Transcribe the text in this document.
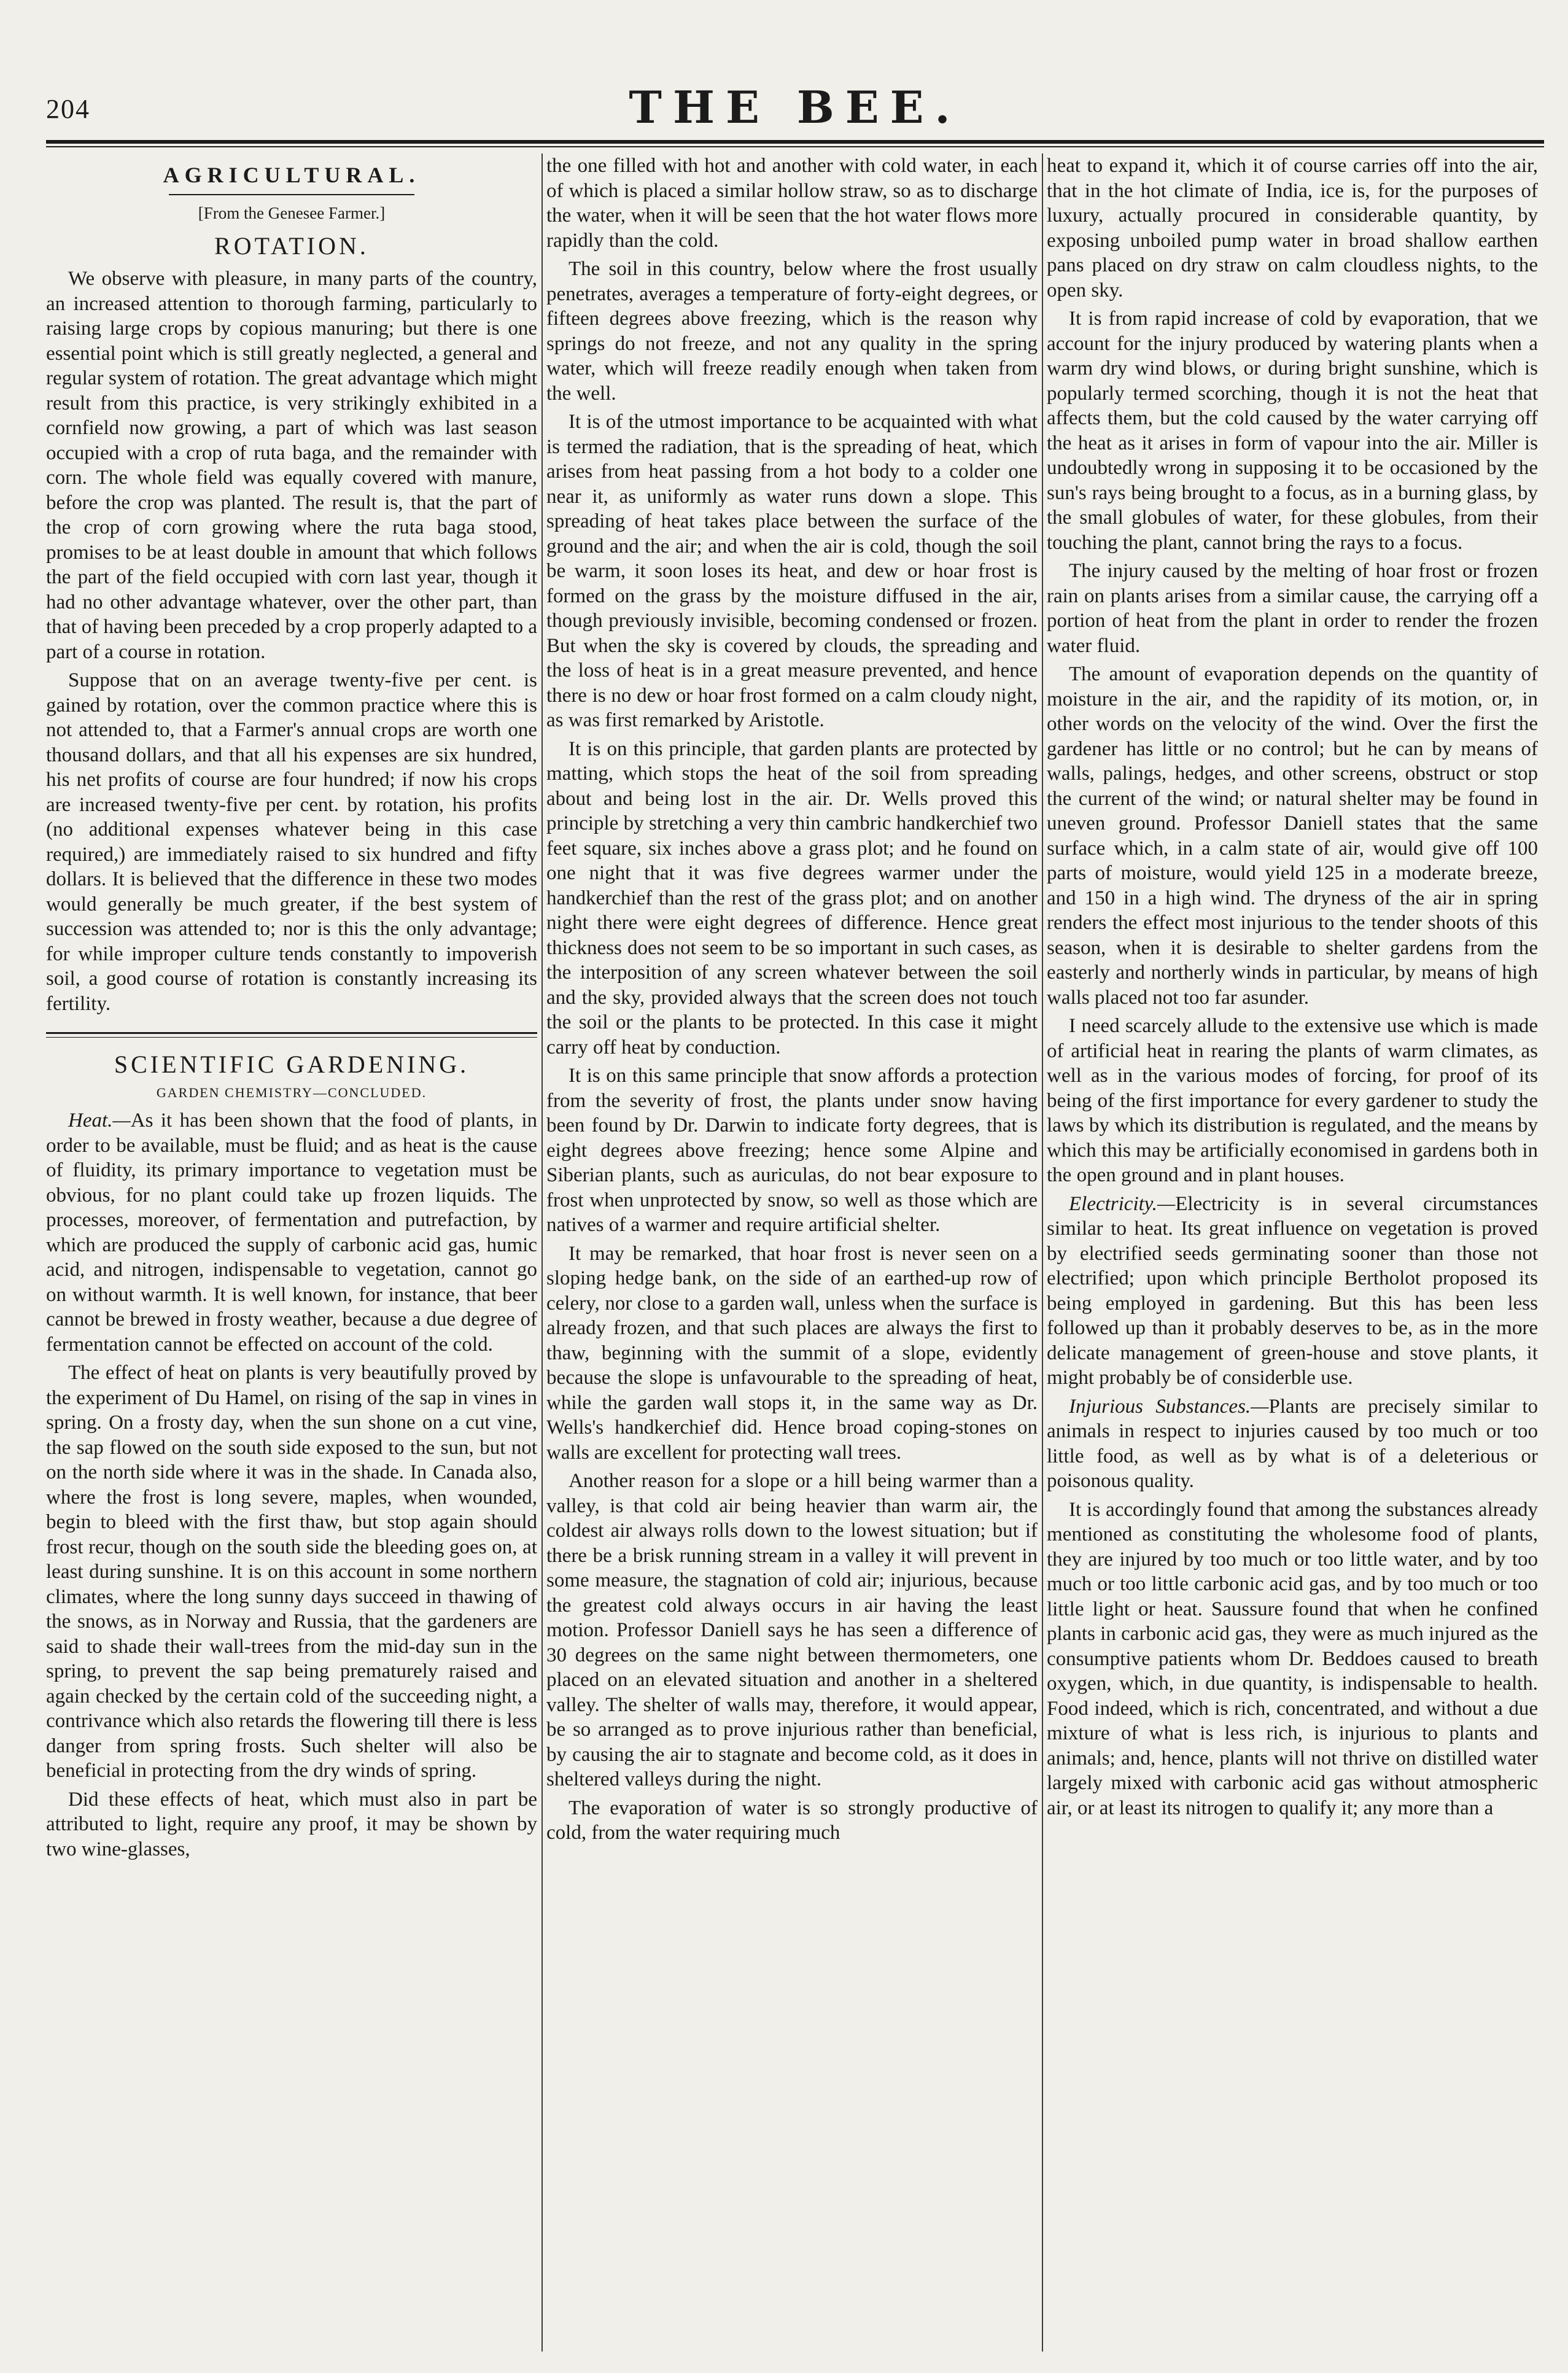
204	THE BEE.
AGRICULTURAL.
[From the Genesee Farmer.]
ROTATION.

We observe with pleasure, in many parts of the country, an increased attention to thorough farming, particularly to raising large crops by copious manuring; but there is one essential point which is still greatly neglected, a general and regular system of rotation. The great advantage which might result from this practice, is very strikingly exhibited in a cornfield now growing, a part of which was last season occupied with a crop of ruta baga, and the remainder with corn. The whole field was equally covered with manure, before the crop was planted. The result is, that the part of the crop of corn growing where the ruta baga stood, promises to be at least double in amount that which follows the part of the field occupied with corn last year, though it had no other advantage whatever, over the other part, than that of having been preceded by a crop properly adapted to a part of a course in rotation.

Suppose that on an average twenty-five per cent. is gained by rotation, over the common practice where this is not attended to, that a Farmer's annual crops are worth one thousand dollars, and that all his expenses are six hundred, his net profits of course are four hundred; if now his crops are increased twenty-five per cent. by rotation, his profits (no additional expenses whatever being in this case required,) are immediately raised to six hundred and fifty dollars. It is believed that the difference in these two modes would generally be much greater, if the best system of succession was attended to; nor is this the only advantage; for while improper culture tends constantly to impoverish soil, a good course of rotation is constantly increasing its fertility.

SCIENTIFIC GARDENING.
GARDEN CHEMISTRY—CONCLUDED.

Heat.—As it has been shown that the food of plants, in order to be available, must be fluid; and as heat is the cause of fluidity, its primary importance to vegetation must be obvious, for no plant could take up frozen liquids. The processes, moreover, of fermentation and putrefaction, by which are produced the supply of carbonic acid gas, humic acid, and nitrogen, indispensable to vegetation, cannot go on without warmth. It is well known, for instance, that beer cannot be brewed in frosty weather, because a due degree of fermentation cannot be effected on account of the cold.

The effect of heat on plants is very beautifully proved by the experiment of Du Hamel, on rising of the sap in vines in spring. On a frosty day, when the sun shone on a cut vine, the sap flowed on the south side exposed to the sun, but not on the north side where it was in the shade. In Canada also, where the frost is long severe, maples, when wounded, begin to bleed with the first thaw, but stop again should frost recur, though on the south side the bleeding goes on, at least during sunshine. It is on this account in some northern climates, where the long sunny days succeed in thawing of the snows, as in Norway and Russia, that the gardeners are said to shade their wall-trees from the mid-day sun in the spring, to prevent the sap being prematurely raised and again checked by the certain cold of the succeeding night, a contrivance which also retards the flowering till there is less danger from spring frosts. Such shelter will also be beneficial in protecting from the dry winds of spring.

Did these effects of heat, which must also in part be attributed to light, require any proof, it may be shown by two wine-glasses,

the one filled with hot and another with cold water, in each of which is placed a similar hollow straw, so as to discharge the water, when it will be seen that the hot water flows more rapidly than the cold.

The soil in this country, below where the frost usually penetrates, averages a temperature of forty-eight degrees, or fifteen degrees above freezing, which is the reason why springs do not freeze, and not any quality in the spring water, which will freeze readily enough when taken from the well.

It is of the utmost importance to be acquainted with what is termed the radiation, that is the spreading of heat, which arises from heat passing from a hot body to a colder one near it, as uniformly as water runs down a slope. This spreading of heat takes place between the surface of the ground and the air; and when the air is cold, though the soil be warm, it soon loses its heat, and dew or hoar frost is formed on the grass by the moisture diffused in the air, though previously invisible, becoming condensed or frozen. But when the sky is covered by clouds, the spreading and the loss of heat is in a great measure prevented, and hence there is no dew or hoar frost formed on a calm cloudy night, as was first remarked by Aristotle.

It is on this principle, that garden plants are protected by matting, which stops the heat of the soil from spreading about and being lost in the air. Dr. Wells proved this principle by stretching a very thin cambric handkerchief two feet square, six inches above a grass plot; and he found on one night that it was five degrees warmer under the handkerchief than the rest of the grass plot; and on another night there were eight degrees of difference. Hence great thickness does not seem to be so important in such cases, as the interposition of any screen whatever between the soil and the sky, provided always that the screen does not touch the soil or the plants to be protected. In this case it might carry off heat by conduction.

It is on this same principle that snow affords a protection from the severity of frost, the plants under snow having been found by Dr. Darwin to indicate forty degrees, that is eight degrees above freezing; hence some Alpine and Siberian plants, such as auriculas, do not bear exposure to frost when unprotected by snow, so well as those which are natives of a warmer and require artificial shelter.

It may be remarked, that hoar frost is never seen on a sloping hedge bank, on the side of an earthed-up row of celery, nor close to a garden wall, unless when the surface is already frozen, and that such places are always the first to thaw, beginning with the summit of a slope, evidently because the slope is unfavourable to the spreading of heat, while the garden wall stops it, in the same way as Dr. Wells's handkerchief did. Hence broad coping-stones on walls are excellent for protecting wall trees.

Another reason for a slope or a hill being warmer than a valley, is that cold air being heavier than warm air, the coldest air always rolls down to the lowest situation; but if there be a brisk running stream in a valley it will prevent in some measure, the stagnation of cold air; injurious, because the greatest cold always occurs in air having the least motion. Professor Daniell says he has seen a difference of 30 degrees on the same night between thermometers, one placed on an elevated situation and another in a sheltered valley. The shelter of walls may, therefore, it would appear, be so arranged as to prove injurious rather than beneficial, by causing the air to stagnate and become cold, as it does in sheltered valleys during the night.

The evaporation of water is so strongly productive of cold, from the water requiring much

heat to expand it, which it of course carries off into the air, that in the hot climate of India, ice is, for the purposes of luxury, actually procured in considerable quantity, by exposing unboiled pump water in broad shallow earthen pans placed on dry straw on calm cloudless nights, to the open sky.

It is from rapid increase of cold by evaporation, that we account for the injury produced by watering plants when a warm dry wind blows, or during bright sunshine, which is popularly termed scorching, though it is not the heat that affects them, but the cold caused by the water carrying off the heat as it arises in form of vapour into the air. Miller is undoubtedly wrong in supposing it to be occasioned by the sun's rays being brought to a focus, as in a burning glass, by the small globules of water, for these globules, from their touching the plant, cannot bring the rays to a focus.

The injury caused by the melting of hoar frost or frozen rain on plants arises from a similar cause, the carrying off a portion of heat from the plant in order to render the frozen water fluid.

The amount of evaporation depends on the quantity of moisture in the air, and the rapidity of its motion, or, in other words on the velocity of the wind. Over the first the gardener has little or no control; but he can by means of walls, palings, hedges, and other screens, obstruct or stop the current of the wind; or natural shelter may be found in uneven ground. Professor Daniell states that the same surface which, in a calm state of air, would give off 100 parts of moisture, would yield 125 in a moderate breeze, and 150 in a high wind. The dryness of the air in spring renders the effect most injurious to the tender shoots of this season, when it is desirable to shelter gardens from the easterly and northerly winds in particular, by means of high walls placed not too far asunder.

I need scarcely allude to the extensive use which is made of artificial heat in rearing the plants of warm climates, as well as in the various modes of forcing, for proof of its being of the first importance for every gardener to study the laws by which its distribution is regulated, and the means by which this may be artificially economised in gardens both in the open ground and in plant houses.

Electricity.—Electricity is in several circumstances similar to heat. Its great influence on vegetation is proved by electrified seeds germinating sooner than those not electrified; upon which principle Bertholot proposed its being employed in gardening. But this has been less followed up than it probably deserves to be, as in the more delicate management of green-house and stove plants, it might probably be of considerble use.

Injurious Substances.—Plants are precisely similar to animals in respect to injuries caused by too much or too little food, as well as by what is of a deleterious or poisonous quality.

It is accordingly found that among the substances already mentioned as constituting the wholesome food of plants, they are injured by too much or too little water, and by too much or too little carbonic acid gas, and by too much or too little light or heat. Saussure found that when he confined plants in carbonic acid gas, they were as much injured as the consumptive patients whom Dr. Beddoes caused to breath oxygen, which, in due quantity, is indispensable to health. Food indeed, which is rich, concentrated, and without a due mixture of what is less rich, is injurious to plants and animals; and, hence, plants will not thrive on distilled water largely mixed with carbonic acid gas without atmospheric air, or at least its nitrogen to qualify it; any more than a
